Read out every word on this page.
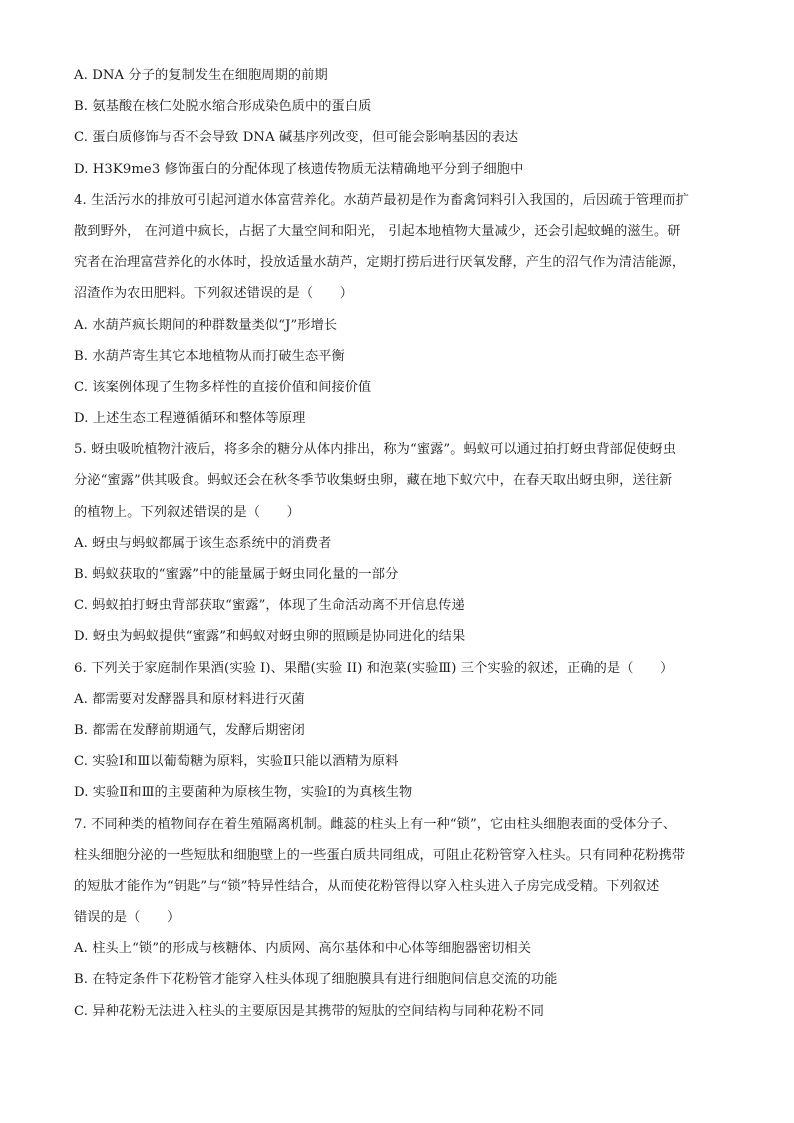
A. DNA 分子的复制发生在细胞周期的前期
B. 氨基酸在核仁处脱水缩合形成染色质中的蛋白质
C. 蛋白质修饰与否不会导致 DNA 碱基序列改变，但可能会影响基因的表达
D. H3K9me3 修饰蛋白的分配体现了核遗传物质无法精确地平分到子细胞中
4. 生活污水的排放可引起河道水体富营养化。水葫芦最初是作为畜禽饲料引入我国的，后因疏于管理而扩
散到野外， 在河道中疯长，占据了大量空间和阳光， 引起本地植物大量减少，还会引起蚊蝇的滋生。研
究者在治理富营养化的水体时，投放适量水葫芦，定期打捞后进行厌氧发酵，产生的沼气作为清洁能源，
沼渣作为农田肥料。下列叙述错误的是（　　）
A. 水葫芦疯长期间的种群数量类似“J”形增长
B. 水葫芦寄生其它本地植物从而打破生态平衡
C. 该案例体现了生物多样性的直接价值和间接价值
D. 上述生态工程遵循循环和整体等原理
5. 蚜虫吸吮植物汁液后，将多余的糖分从体内排出，称为“蜜露”。蚂蚁可以通过拍打蚜虫背部促使蚜虫
分泌“蜜露”供其吸食。蚂蚁还会在秋冬季节收集蚜虫卵，藏在地下蚁穴中，在春天取出蚜虫卵，送往新
的植物上。下列叙述错误的是（　　）
A. 蚜虫与蚂蚁都属于该生态系统中的消费者
B. 蚂蚁获取的“蜜露”中的能量属于蚜虫同化量的一部分
C. 蚂蚁拍打蚜虫背部获取“蜜露”，体现了生命活动离不开信息传递
D. 蚜虫为蚂蚁提供“蜜露”和蚂蚁对蚜虫卵的照顾是协同进化的结果
6. 下列关于家庭制作果酒(实验 I)、果醋(实验 II) 和泡菜(实验Ⅲ) 三个实验的叙述，正确的是（　　）
A. 都需要对发酵器具和原材料进行灭菌
B. 都需在发酵前期通气，发酵后期密闭
C. 实验Ⅰ和Ⅲ以葡萄糖为原料，实验Ⅱ只能以酒精为原料
D. 实验Ⅱ和Ⅲ的主要菌种为原核生物，实验Ⅰ的为真核生物
7. 不同种类的植物间存在着生殖隔离机制。雌蕊的柱头上有一种“锁”，它由柱头细胞表面的受体分子、
柱头细胞分泌的一些短肽和细胞壁上的一些蛋白质共同组成，可阻止花粉管穿入柱头。只有同种花粉携带
的短肽才能作为“钥匙”与“锁”特异性结合，从而使花粉管得以穿入柱头进入子房完成受精。下列叙述
错误的是（　　）
A. 柱头上“锁”的形成与核糖体、内质网、高尔基体和中心体等细胞器密切相关
B. 在特定条件下花粉管才能穿入柱头体现了细胞膜具有进行细胞间信息交流的功能
C. 异种花粉无法进入柱头的主要原因是其携带的短肽的空间结构与同种花粉不同
